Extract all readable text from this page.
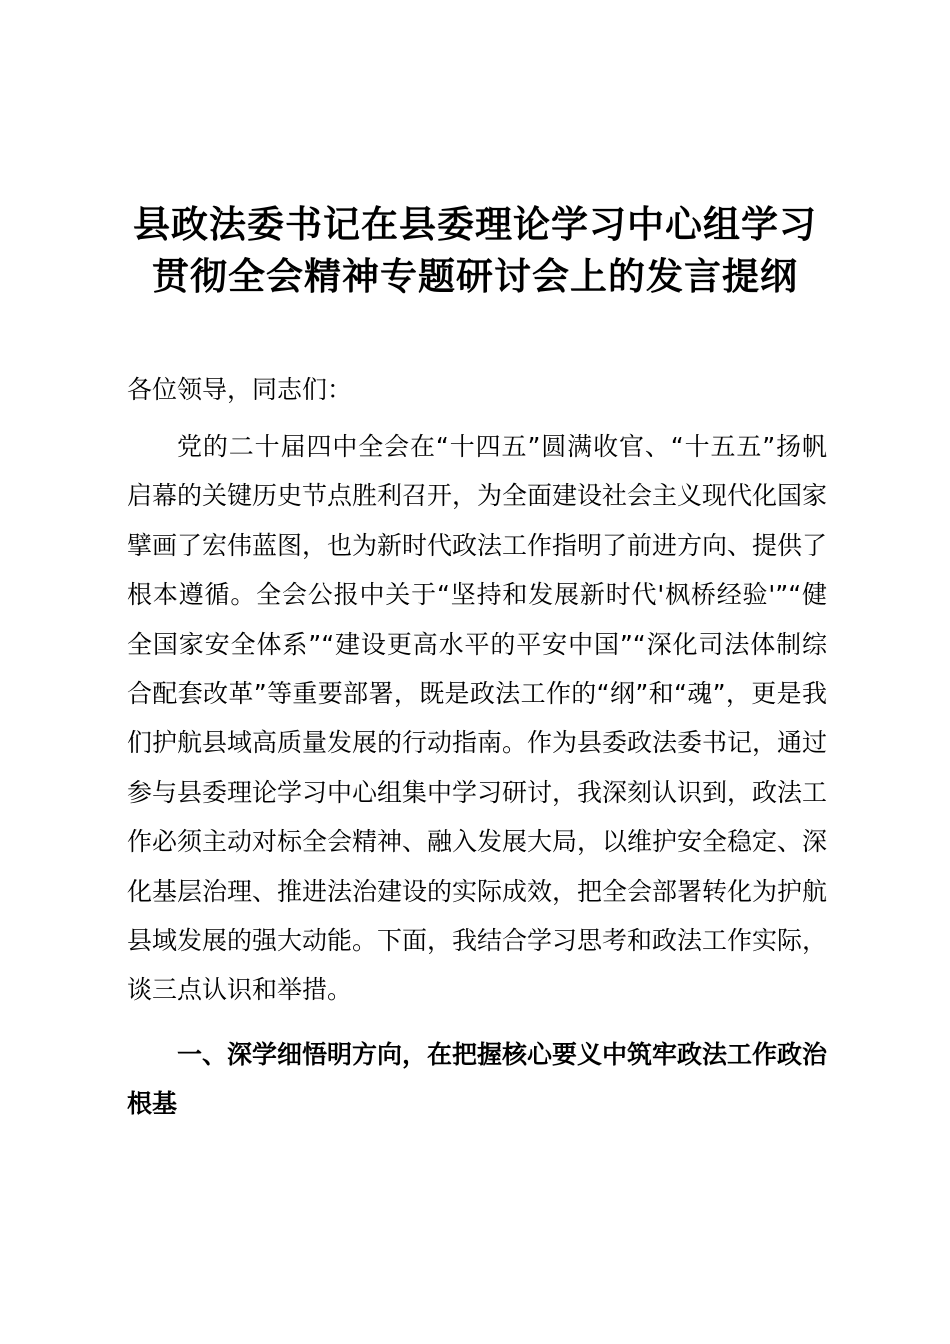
县政法委书记在县委理论学习中心组学习
贯彻全会精神专题研讨会上的发言提纲
各位领导，同志们：

党的二十届四中全会在“十四五”圆满收官、“十五五”扬帆启幕的关键历史节点胜利召开，为全面建设社会主义现代化国家擘画了宏伟蓝图，也为新时代政法工作指明了前进方向、提供了根本遵循。全会公报中关于“坚持和发展新时代'枫桥经验'”“健全国家安全体系”“建设更高水平的平安中国”“深化司法体制综合配套改革”等重要部署，既是政法工作的“纲”和“魂”，更是我们护航县域高质量发展的行动指南。作为县委政法委书记，通过参与县委理论学习中心组集中学习研讨，我深刻认识到，政法工作必须主动对标全会精神、融入发展大局，以维护安全稳定、深化基层治理、推进法治建设的实际成效，把全会部署转化为护航县域发展的强大动能。下面，我结合学习思考和政法工作实际，谈三点认识和举措。

一、深学细悟明方向，在把握核心要义中筑牢政法工作政治根基
